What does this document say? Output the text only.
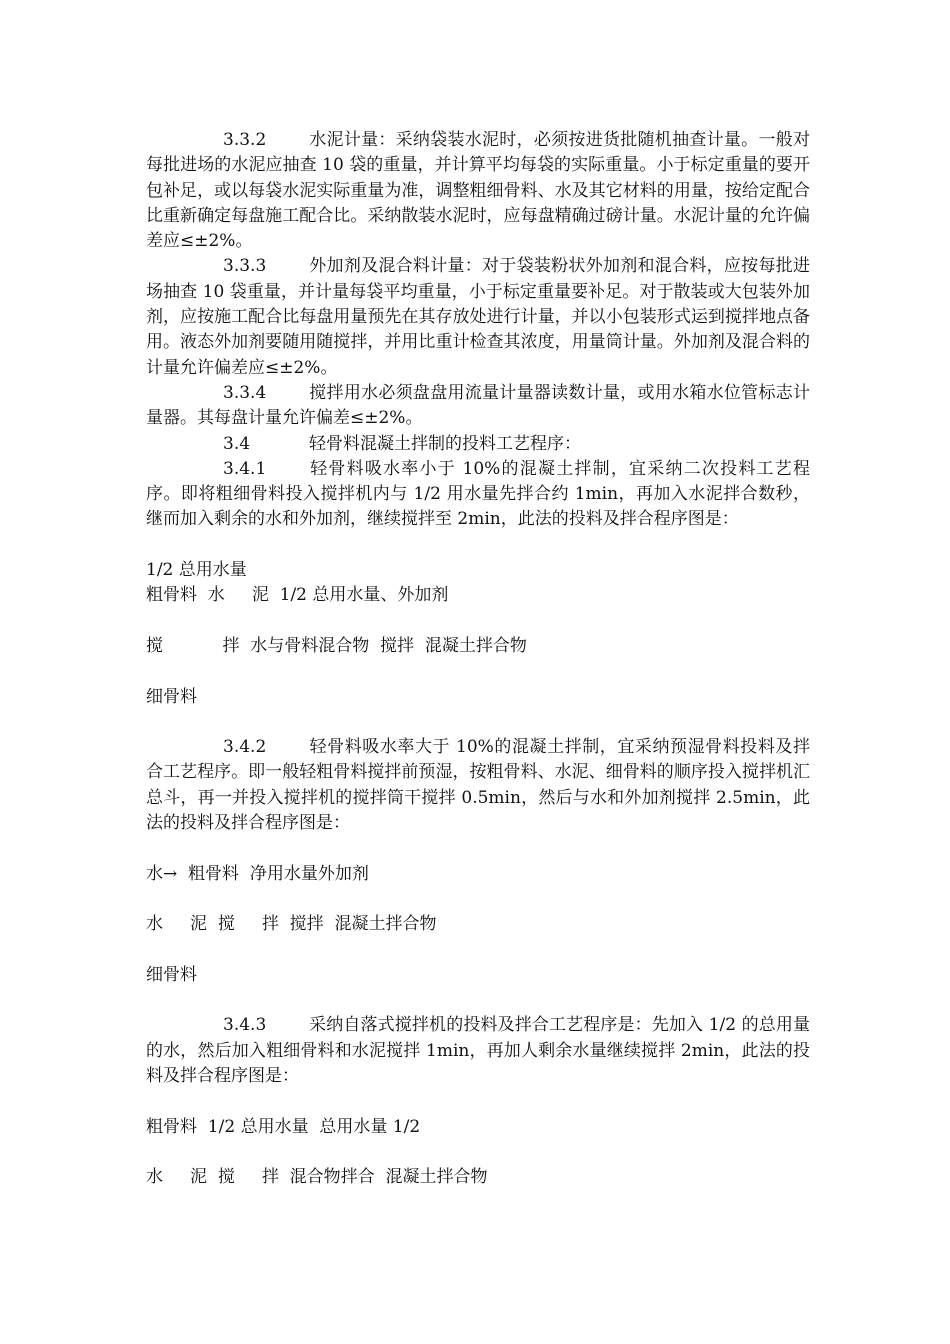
3.3.2	水泥计量：采纳袋装水泥时，必须按进货批随机抽查计量。一般对每批进场的水泥应抽查 10 袋的重量，并计算平均每袋的实际重量。小于标定重量的要开包补足，或以每袋水泥实际重量为准，调整粗细骨料、水及其它材料的用量，按给定配合比重新确定每盘施工配合比。采纳散装水泥时，应每盘精确过磅计量。水泥计量的允许偏差应≤±2%。

3.3.3	外加剂及混合料计量：对于袋装粉状外加剂和混合料，应按每批进场抽查 10 袋重量，并计量每袋平均重量，小于标定重量要补足。对于散装或大包装外加剂，应按施工配合比每盘用量预先在其存放处进行计量，并以小包装形式运到搅拌地点备用。液态外加剂要随用随搅拌，并用比重计检查其浓度，用量筒计量。外加剂及混合料的计量允许偏差应≤±2%。

3.3.4	搅拌用水必须盘盘用流量计量器读数计量，或用水箱水位管标志计量器。其每盘计量允许偏差≤±2%。

3.4	轻骨料混凝土拌制的投料工艺程序：

3.4.1	轻骨料吸水率小于 10%的混凝土拌制，宜采纳二次投料工艺程序。即将粗细骨料投入搅拌机内与 1/2 用水量先拌合约 1min，再加入水泥拌合数秒，继而加入剩余的水和外加剂，继续搅拌至 2min，此法的投料及拌合程序图是：

1/2 总用水量

粗骨料  水     泥  1/2 总用水量、外加剂

搅           拌  水与骨料混合物  搅拌  混凝土拌合物

细骨料

3.4.2	轻骨料吸水率大于 10%的混凝土拌制，宜采纳预湿骨料投料及拌合工艺程序。即一般轻粗骨料搅拌前预湿，按粗骨料、水泥、细骨料的顺序投入搅拌机汇总斗，再一并投入搅拌机的搅拌筒干搅拌 0.5min，然后与水和外加剂搅拌 2.5min，此法的投料及拌合程序图是：

水→  粗骨料  净用水量外加剂

水     泥  搅     拌  搅拌  混凝土拌合物

细骨料

3.4.3	采纳自落式搅拌机的投料及拌合工艺程序是：先加入 1/2 的总用量的水，然后加入粗细骨料和水泥搅拌 1min，再加人剩余水量继续搅拌 2min，此法的投料及拌合程序图是：

粗骨料  1/2 总用水量  总用水量 1/2

水     泥  搅     拌  混合物拌合  混凝土拌合物
